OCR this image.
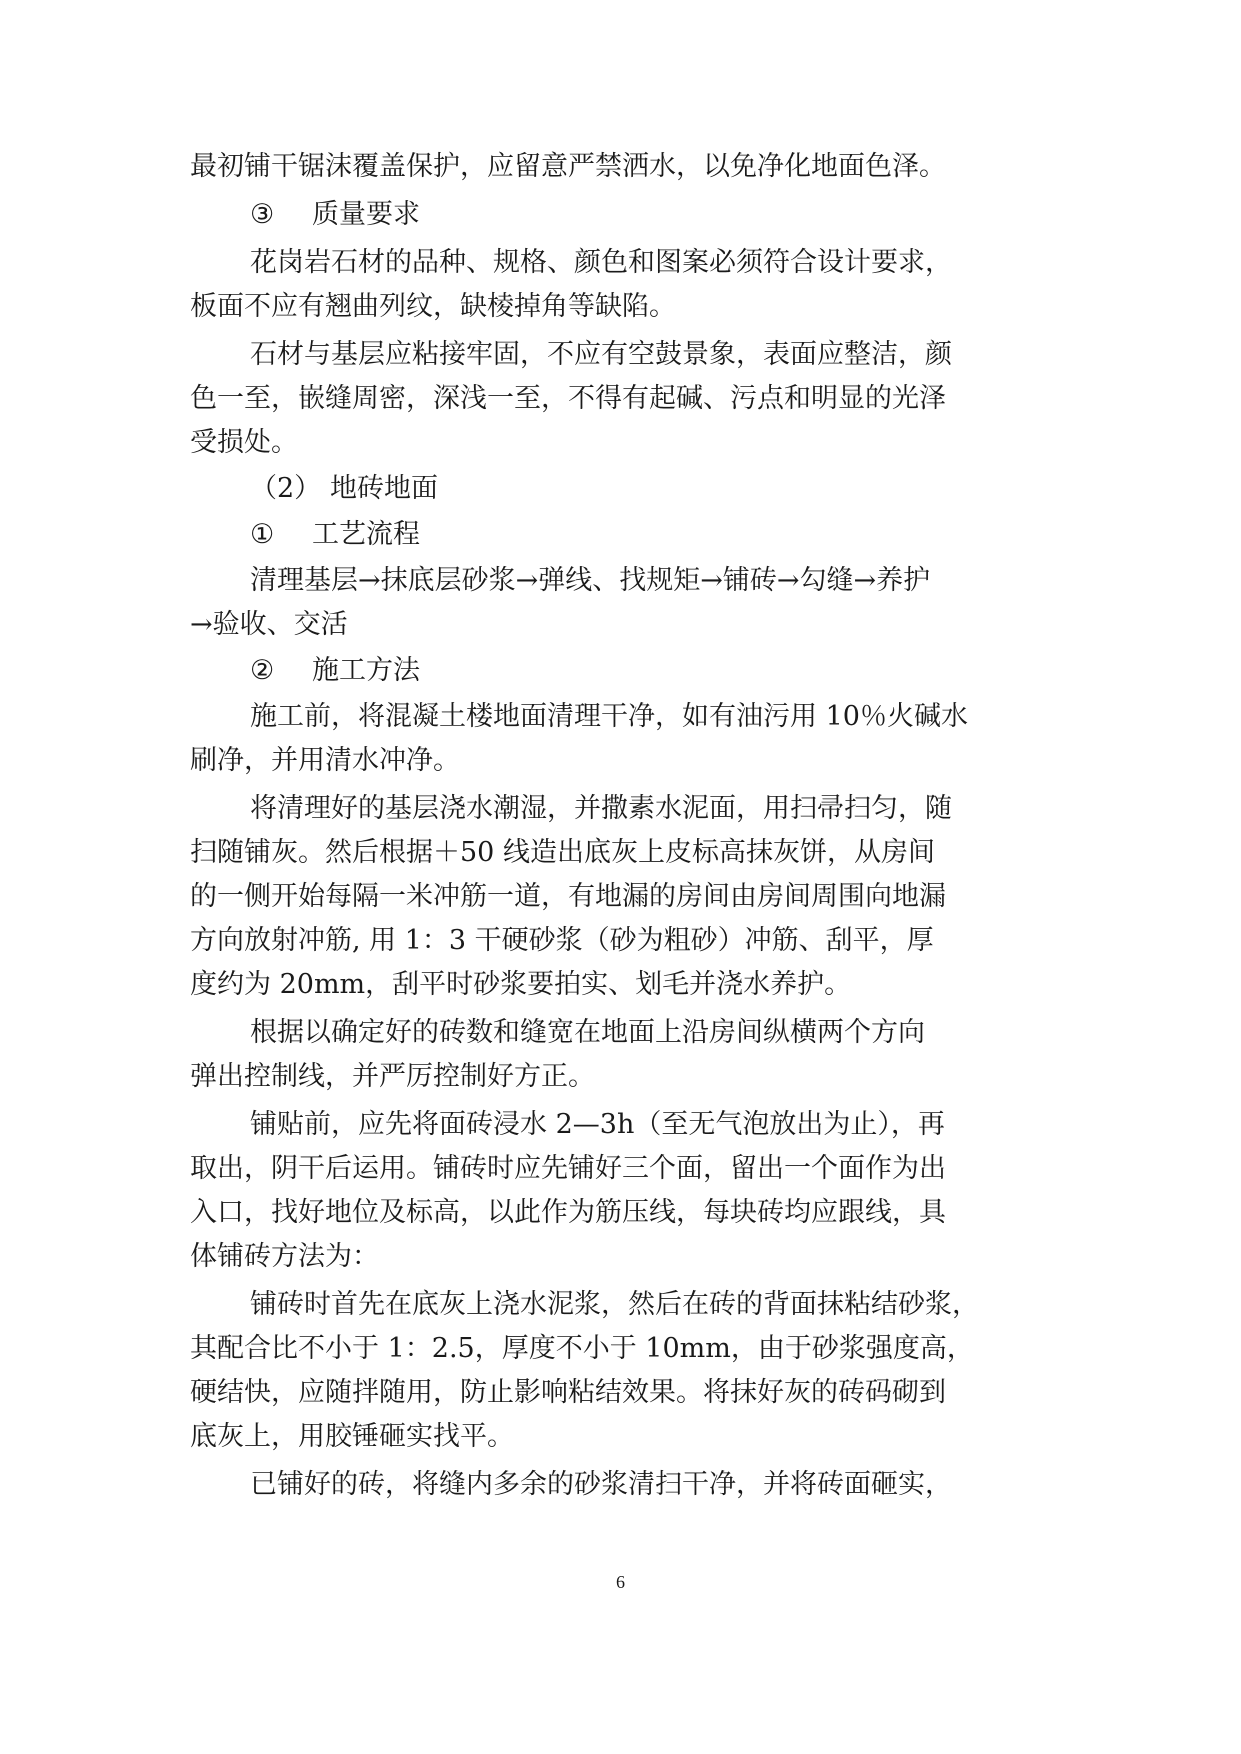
最初铺干锯沫覆盖保护，应留意严禁洒水，以免净化地面色泽。
③ 质量要求
花岗岩石材的品种、规格、颜色和图案必须符合设计要求，
板面不应有翘曲列纹，缺棱掉角等缺陷。
石材与基层应粘接牢固，不应有空鼓景象，表面应整洁，颜
色一至，嵌缝周密，深浅一至，不得有起碱、污点和明显的光泽
受损处。
（2） 地砖地面
① 工艺流程
清理基层→抹底层砂浆→弹线、找规矩→铺砖→勾缝→养护
→验收、交活
② 施工方法
施工前，将混凝土楼地面清理干净，如有油污用 10％火碱水
刷净，并用清水冲净。
将清理好的基层浇水潮湿，并撒素水泥面，用扫帚扫匀，随
扫随铺灰。然后根据＋50 线造出底灰上皮标高抹灰饼，从房间
的一侧开始每隔一米冲筋一道，有地漏的房间由房间周围向地漏
方向放射冲筋, 用 1：3 干硬砂浆（砂为粗砂）冲筋、刮平，厚
度约为 20mm，刮平时砂浆要拍实、划毛并浇水养护。
根据以确定好的砖数和缝宽在地面上沿房间纵横两个方向
弹出控制线，并严厉控制好方正。
铺贴前，应先将面砖浸水 2—3h（至无气泡放出为止），再
取出，阴干后运用。铺砖时应先铺好三个面，留出一个面作为出
入口，找好地位及标高，以此作为筋压线，每块砖均应跟线，具
体铺砖方法为：
铺砖时首先在底灰上浇水泥浆，然后在砖的背面抹粘结砂浆，
其配合比不小于 1：2.5，厚度不小于 10mm，由于砂浆强度高，
硬结快，应随拌随用，防止影响粘结效果。将抹好灰的砖码砌到
底灰上，用胶锤砸实找平。
已铺好的砖，将缝内多余的砂浆清扫干净，并将砖面砸实，
6
